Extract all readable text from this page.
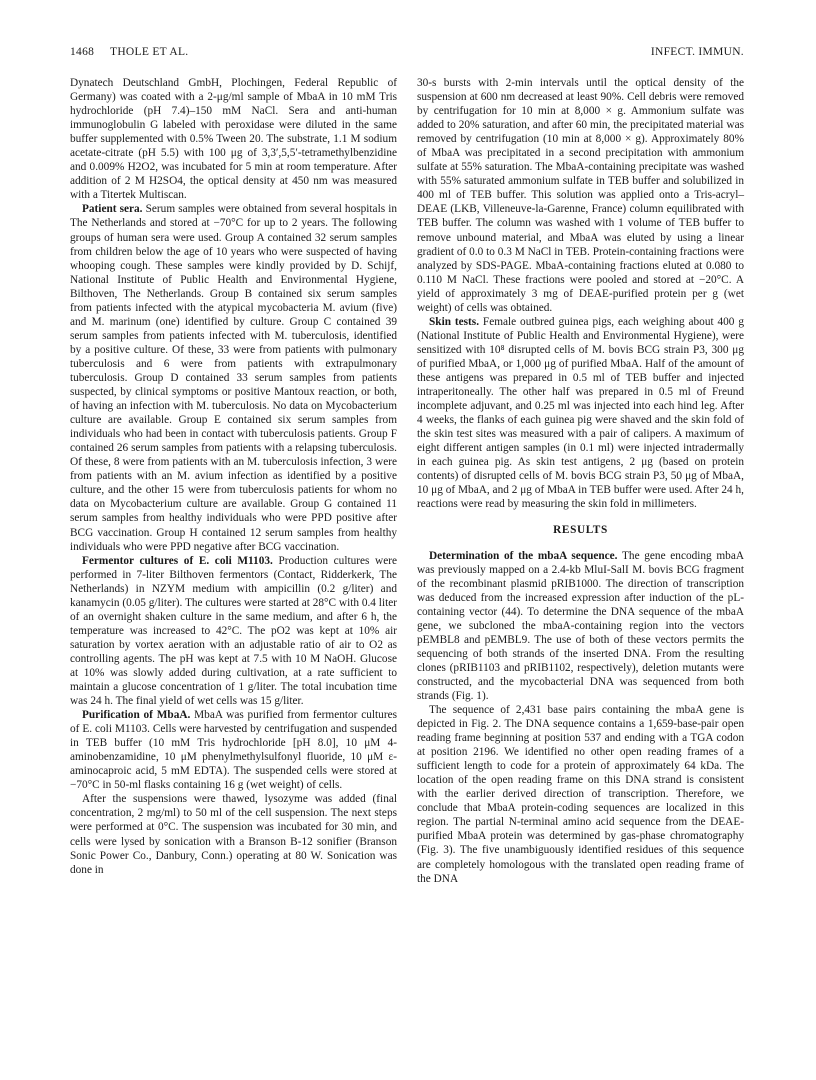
1468 THOLE ET AL.	INFECT. IMMUN.

Dynatech Deutschland GmbH, Plochingen, Federal Republic of Germany) was coated with a 2-μg/ml sample of MbaA in 10 mM Tris hydrochloride (pH 7.4)–150 mM NaCl. Sera and anti-human immunoglobulin G labeled with peroxidase were diluted in the same buffer supplemented with 0.5% Tween 20. The substrate, 1.1 M sodium acetate-citrate (pH 5.5) with 100 μg of 3,3′,5,5′-tetramethylbenzidine and 0.009% H2O2, was incubated for 5 min at room temperature. After addition of 2 M H2SO4, the optical density at 450 nm was measured with a Titertek Multiscan.

Patient sera. Serum samples were obtained from several hospitals in The Netherlands and stored at −70°C for up to 2 years. The following groups of human sera were used. Group A contained 32 serum samples from children below the age of 10 years who were suspected of having whooping cough. These samples were kindly provided by D. Schijf, National Institute of Public Health and Environmental Hygiene, Bilthoven, The Netherlands. Group B contained six serum samples from patients infected with the atypical mycobacteria M. avium (five) and M. marinum (one) identified by culture. Group C contained 39 serum samples from patients infected with M. tuberculosis, identified by a positive culture. Of these, 33 were from patients with pulmonary tuberculosis and 6 were from patients with extrapulmonary tuberculosis. Group D contained 33 serum samples from patients suspected, by clinical symptoms or positive Mantoux reaction, or both, of having an infection with M. tuberculosis. No data on Mycobacterium culture are available. Group E contained six serum samples from individuals who had been in contact with tuberculosis patients. Group F contained 26 serum samples from patients with a relapsing tuberculosis. Of these, 8 were from patients with an M. tuberculosis infection, 3 were from patients with an M. avium infection as identified by a positive culture, and the other 15 were from tuberculosis patients for whom no data on Mycobacterium culture are available. Group G contained 11 serum samples from healthy individuals who were PPD positive after BCG vaccination. Group H contained 12 serum samples from healthy individuals who were PPD negative after BCG vaccination.

Fermentor cultures of E. coli M1103. Production cultures were performed in 7-liter Bilthoven fermentors (Contact, Ridderkerk, The Netherlands) in NZYM medium with ampicillin (0.2 g/liter) and kanamycin (0.05 g/liter). The cultures were started at 28°C with 0.4 liter of an overnight shaken culture in the same medium, and after 6 h, the temperature was increased to 42°C. The pO2 was kept at 10% air saturation by vortex aeration with an adjustable ratio of air to O2 as controlling agents. The pH was kept at 7.5 with 10 M NaOH. Glucose at 10% was slowly added during cultivation, at a rate sufficient to maintain a glucose concentration of 1 g/liter. The total incubation time was 24 h. The final yield of wet cells was 15 g/liter.

Purification of MbaA. MbaA was purified from fermentor cultures of E. coli M1103. Cells were harvested by centrifugation and suspended in TEB buffer (10 mM Tris hydrochloride [pH 8.0], 10 μM 4-aminobenzamidine, 10 μM phenylmethylsulfonyl fluoride, 10 μM ε-aminocaproic acid, 5 mM EDTA). The suspended cells were stored at −70°C in 50-ml flasks containing 16 g (wet weight) of cells.

After the suspensions were thawed, lysozyme was added (final concentration, 2 mg/ml) to 50 ml of the cell suspension. The next steps were performed at 0°C. The suspension was incubated for 30 min, and cells were lysed by sonication with a Branson B-12 sonifier (Branson Sonic Power Co., Danbury, Conn.) operating at 80 W. Sonication was done in

30-s bursts with 2-min intervals until the optical density of the suspension at 600 nm decreased at least 90%. Cell debris were removed by centrifugation for 10 min at 8,000 × g. Ammonium sulfate was added to 20% saturation, and after 60 min, the precipitated material was removed by centrifugation (10 min at 8,000 × g). Approximately 80% of MbaA was precipitated in a second precipitation with ammonium sulfate at 55% saturation. The MbaA-containing precipitate was washed with 55% saturated ammonium sulfate in TEB buffer and solubilized in 400 ml of TEB buffer. This solution was applied onto a Tris-acryl–DEAE (LKB, Villeneuve-la-Garenne, France) column equilibrated with TEB buffer. The column was washed with 1 volume of TEB buffer to remove unbound material, and MbaA was eluted by using a linear gradient of 0.0 to 0.3 M NaCl in TEB. Protein-containing fractions were analyzed by SDS-PAGE. MbaA-containing fractions eluted at 0.080 to 0.110 M NaCl. These fractions were pooled and stored at −20°C. A yield of approximately 3 mg of DEAE-purified protein per g (wet weight) of cells was obtained.

Skin tests. Female outbred guinea pigs, each weighing about 400 g (National Institute of Public Health and Environmental Hygiene), were sensitized with 10⁸ disrupted cells of M. bovis BCG strain P3, 300 μg of purified MbaA, or 1,000 μg of purified MbaA. Half of the amount of these antigens was prepared in 0.5 ml of TEB buffer and injected intraperitoneally. The other half was prepared in 0.5 ml of Freund incomplete adjuvant, and 0.25 ml was injected into each hind leg. After 4 weeks, the flanks of each guinea pig were shaved and the skin fold of the skin test sites was measured with a pair of calipers. A maximum of eight different antigen samples (in 0.1 ml) were injected intradermally in each guinea pig. As skin test antigens, 2 μg (based on protein contents) of disrupted cells of M. bovis BCG strain P3, 50 μg of MbaA, 10 μg of MbaA, and 2 μg of MbaA in TEB buffer were used. After 24 h, reactions were read by measuring the skin fold in millimeters.

RESULTS

Determination of the mbaA sequence. The gene encoding mbaA was previously mapped on a 2.4-kb MluI-SalI M. bovis BCG fragment of the recombinant plasmid pRIB1000. The direction of transcription was deduced from the increased expression after induction of the pL-containing vector (44). To determine the DNA sequence of the mbaA gene, we subcloned the mbaA-containing region into the vectors pEMBL8 and pEMBL9. The use of both of these vectors permits the sequencing of both strands of the inserted DNA. From the resulting clones (pRIB1103 and pRIB1102, respectively), deletion mutants were constructed, and the mycobacterial DNA was sequenced from both strands (Fig. 1).

The sequence of 2,431 base pairs containing the mbaA gene is depicted in Fig. 2. The DNA sequence contains a 1,659-base-pair open reading frame beginning at position 537 and ending with a TGA codon at position 2196. We identified no other open reading frames of a sufficient length to code for a protein of approximately 64 kDa. The location of the open reading frame on this DNA strand is consistent with the earlier derived direction of transcription. Therefore, we conclude that MbaA protein-coding sequences are localized in this region. The partial N-terminal amino acid sequence from the DEAE-purified MbaA protein was determined by gas-phase chromatography (Fig. 3). The five unambiguously identified residues of this sequence are completely homologous with the translated open reading frame of the DNA
